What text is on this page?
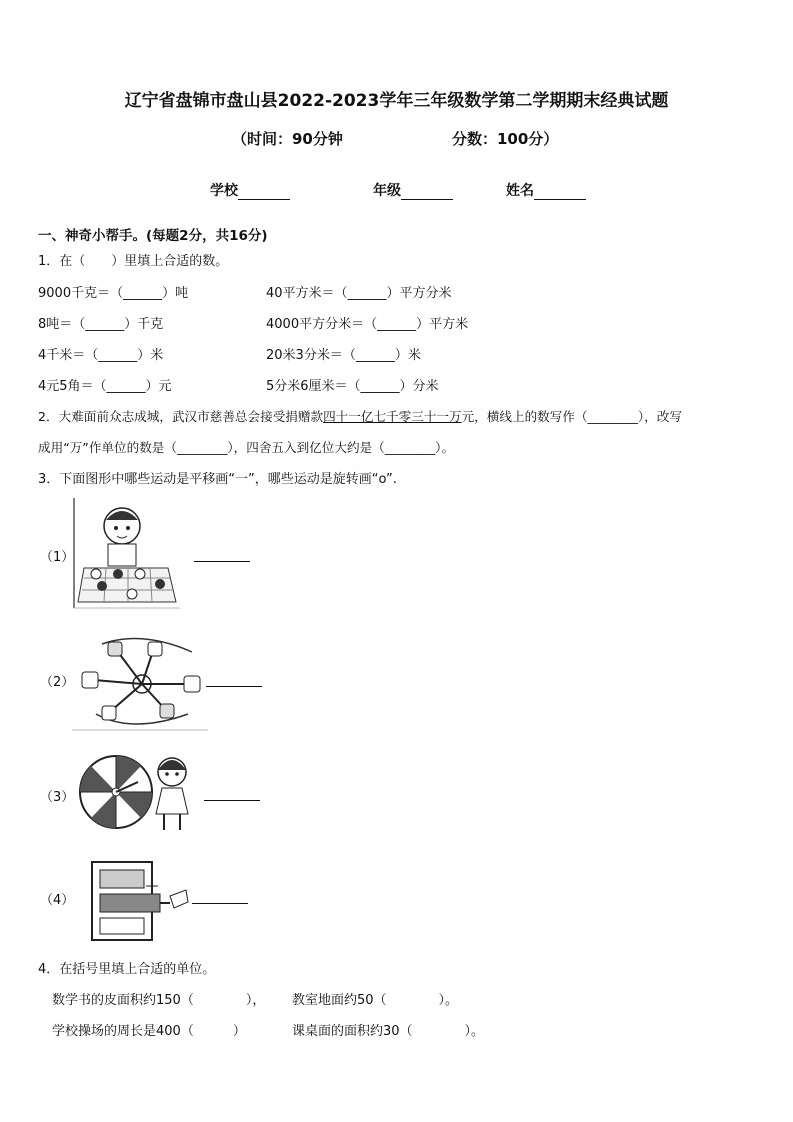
辽宁省盘锦市盘山县2022-2023学年三年级数学第二学期期末经典试题
（时间：90分钟	分数：100分）
学校	年级	姓名
一、神奇小帮手。(每题2分，共16分)
1．在（　　）里填上合适的数。
9000千克＝（______）吨	40平方米＝（______）平方分米
8吨＝（______）千克	4000平方分米＝（______）平方米
4千米＝（______）米	20米3分米＝（______）米
4元5角＝（______）元	5分米6厘米＝（______）分米
2．大难面前众志成城，武汉市慈善总会接受捐赠款四十一亿七千零三十一万元，横线上的数写作（________），改写
成用“万”作单位的数是（________），四舍五入到亿位大约是（________）。
3．下面图形中哪些运动是平移画“一”，哪些运动是旋转画“o”.
（1）
（2）
（3）
（4）
4．在括号里填上合适的单位。
数学书的皮面积约150（　　　　）， 教室地面约50（　　　　）。
学校操场的周长是400（　　　）	课桌面的面积约30（　　　　）。
